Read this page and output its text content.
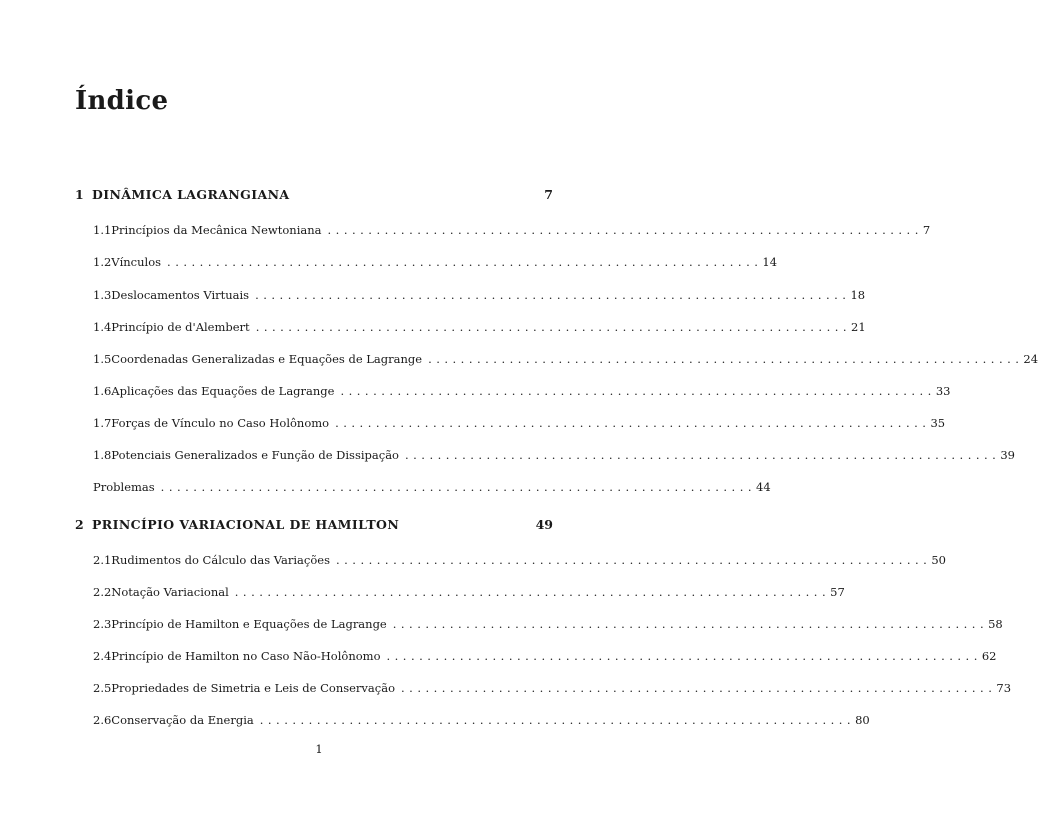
Índice
1 DINÂMICA LAGRANGIANA	7
1.1 Princípios da Mecânica Newtoniana ......................................................................... 7
1.2 Vínculos ......................................................................... 14
1.3 Deslocamentos Virtuais ......................................................................... 18
1.4 Princípio de d'Alembert ......................................................................... 21
1.5 Coordenadas Generalizadas e Equações de Lagrange ......................................................................... 24
1.6 Aplicações das Equações de Lagrange ......................................................................... 33
1.7 Forças de Vínculo no Caso Holônomo ......................................................................... 35
1.8 Potenciais Generalizados e Função de Dissipação ......................................................................... 39
Problemas ......................................................................... 44
2 PRINCÍPIO VARIACIONAL DE HAMILTON	49
2.1 Rudimentos do Cálculo das Variações ......................................................................... 50
2.2 Notação Variacional ......................................................................... 57
2.3 Princípio de Hamilton e Equações de Lagrange ......................................................................... 58
2.4 Princípio de Hamilton no Caso Não-Holônomo ......................................................................... 62
2.5 Propriedades de Simetria e Leis de Conservação ......................................................................... 73
2.6 Conservação da Energia ......................................................................... 80
1
